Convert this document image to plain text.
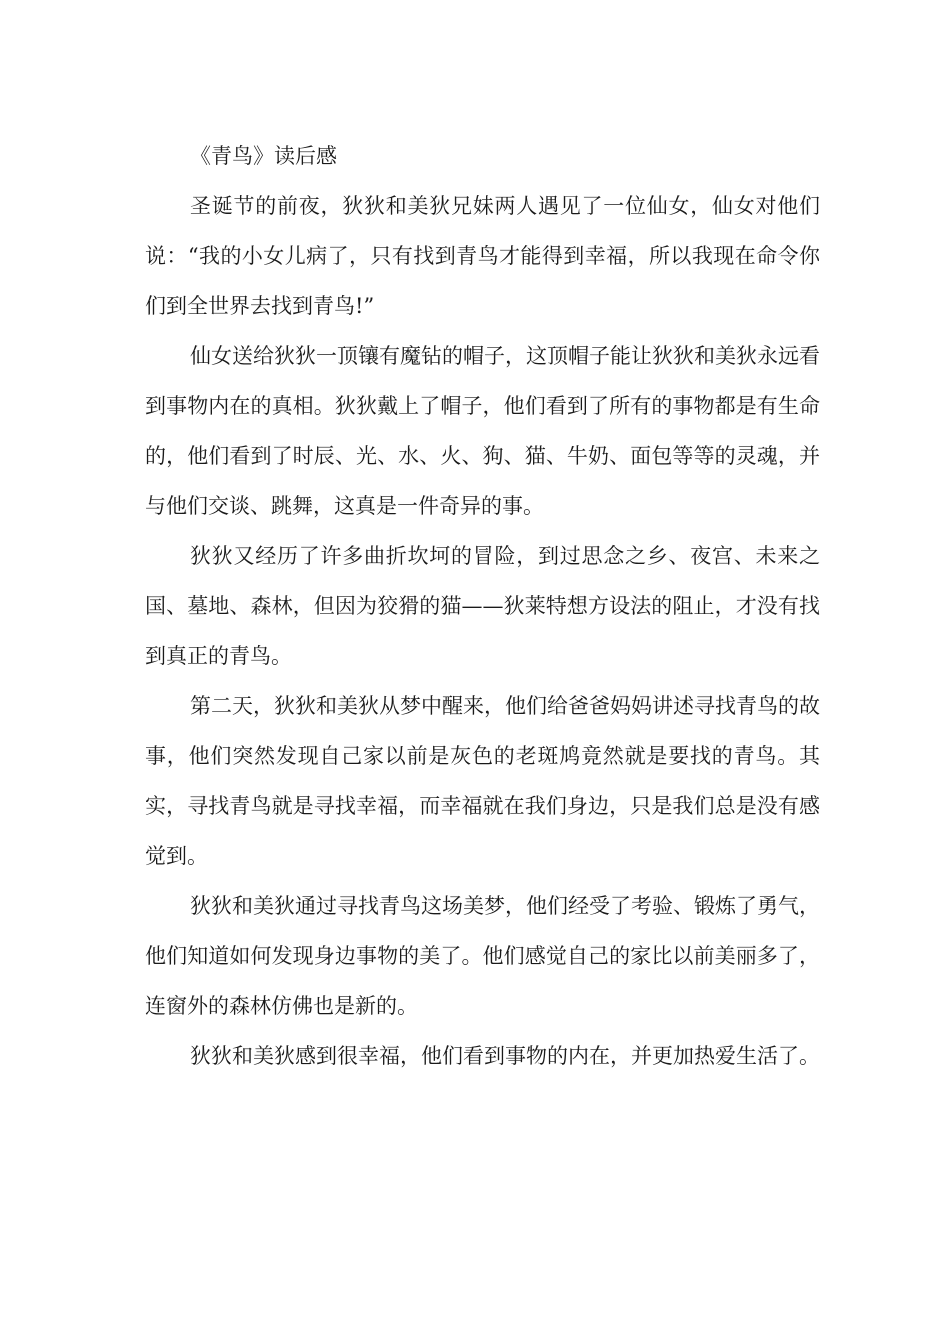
《青鸟》读后感

圣诞节的前夜，狄狄和美狄兄妹两人遇见了一位仙女，仙女对他们说：“我的小女儿病了，只有找到青鸟才能得到幸福，所以我现在命令你们到全世界去找到青鸟!”

仙女送给狄狄一顶镶有魔钻的帽子，这顶帽子能让狄狄和美狄永远看到事物内在的真相。狄狄戴上了帽子，他们看到了所有的事物都是有生命的，他们看到了时辰、光、水、火、狗、猫、牛奶、面包等等的灵魂，并与他们交谈、跳舞，这真是一件奇异的事。

狄狄又经历了许多曲折坎坷的冒险，到过思念之乡、夜宫、未来之国、墓地、森林，但因为狡猾的猫——狄莱特想方设法的阻止，才没有找到真正的青鸟。

第二天，狄狄和美狄从梦中醒来，他们给爸爸妈妈讲述寻找青鸟的故事，他们突然发现自己家以前是灰色的老斑鸠竟然就是要找的青鸟。其实，寻找青鸟就是寻找幸福，而幸福就在我们身边，只是我们总是没有感觉到。

狄狄和美狄通过寻找青鸟这场美梦，他们经受了考验、锻炼了勇气，他们知道如何发现身边事物的美了。他们感觉自己的家比以前美丽多了，连窗外的森林仿佛也是新的。

狄狄和美狄感到很幸福，他们看到事物的内在，并更加热爱生活了。
